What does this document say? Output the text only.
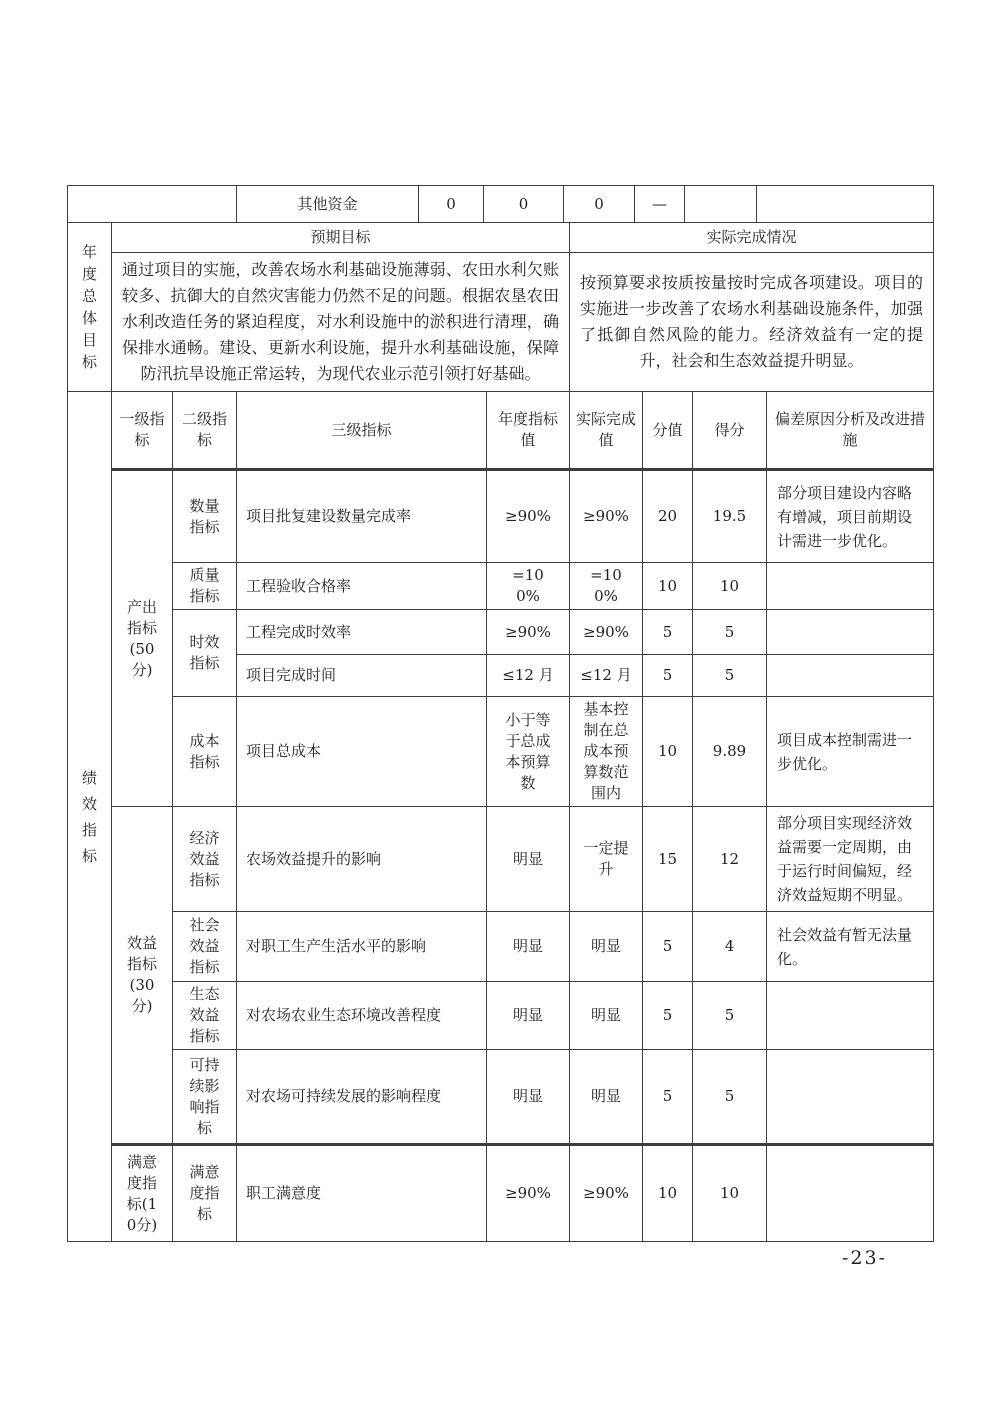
	其他资金	0	0	0	—		
年度总体目标	预期目标	实际完成情况
	通过项目的实施，改善农场水利基础设施薄弱、农田水利欠账较多、抗御大的自然灾害能力仍然不足的问题。根据农垦农田水利改造任务的紧迫程度，对水利设施中的淤积进行清理，确保排水通畅。建设、更新水利设施，提升水利基础设施，保障防汛抗旱设施正常运转，为现代农业示范引领打好基础。	按预算要求按质按量按时完成各项建设。项目的实施进一步改善了农场水利基础设施条件，加强了抵御自然风险的能力。经济效益有一定的提升，社会和生态效益提升明显。
绩效指标	一级指标	二级指标	三级指标	年度指标值	实际完成值	分值	得分	偏差原因分析及改进措施
	产出指标(50分)	数量指标	项目批复建设数量完成率	≥90%	≥90%	20	19.5	部分项目建设内容略有增减，项目前期设计需进一步优化。
		质量指标	工程验收合格率	=100%	=100%	10	10	
		时效指标	工程完成时效率	≥90%	≥90%	5	5	
			项目完成时间	≤12 月	≤12 月	5	5	
		成本指标	项目总成本	小于等于总成本预算数	基本控制在总成本预算数范围内	10	9.89	项目成本控制需进一步优化。
	效益指标(30分)	经济效益指标	农场效益提升的影响	明显	一定提升	15	12	部分项目实现经济效益需要一定周期，由于运行时间偏短，经济效益短期不明显。
		社会效益指标	对职工生产生活水平的影响	明显	明显	5	4	社会效益有暂无法量化。
		生态效益指标	对农场农业生态环境改善程度	明显	明显	5	5	
		可持续影响指标	对农场可持续发展的影响程度	明显	明显	5	5	
	满意度指标(10分)	满意度指标	职工满意度	≥90%	≥90%	10	10	
-23-
